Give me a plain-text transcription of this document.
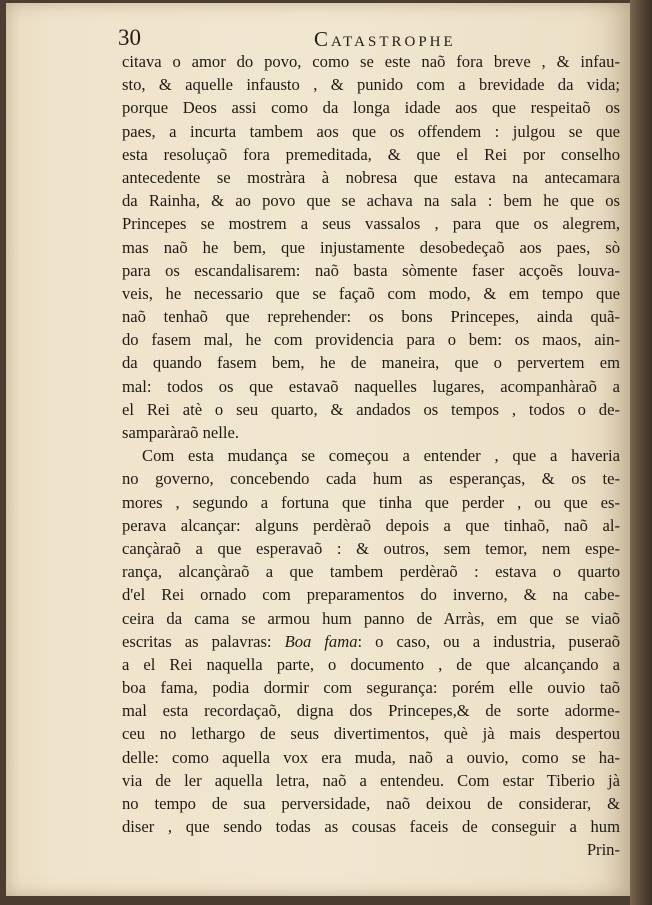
30	Catastrophe
citava o amor do povo, como se este naõ fora breve , & infau-
sto, & aquelle infausto , & punido com a brevidade da vida;
porque Deos assi como da longa idade aos que respeitaõ os
paes, a incurta tambem aos que os offendem : julgou se que
esta resoluçaõ fora premeditada, & que el Rei por conselho
antecedente se mostràra à nobresa que estava na antecamara
da Rainha, & ao povo que se achava na sala : bem he que os
Princepes se mostrem a seus vassalos , para que os alegrem,
mas naõ he bem, que injustamente desobedeçaõ aos paes, sò
para os escandalisarem: naõ basta sòmente faser acçoẽs louva-
veis, he necessario que se façaõ com modo, & em tempo que
naõ tenhaõ que reprehender: os bons Princepes, ainda quã-
do fasem mal, he com providencia para o bem: os maos, ain-
da quando fasem bem, he de maneira, que o pervertem em
mal: todos os que estavaõ naquelles lugares, acompanhàraõ a
el Rei atè o seu quarto, & andados os tempos , todos o de-
samparàraõ nelle.
Com esta mudança se começou a entender , que a haveria
no governo, concebendo cada hum as esperanças, & os te-
mores , segundo a fortuna que tinha que perder , ou que es-
perava alcançar: alguns perdèraõ depois a que tinhaõ, naõ al-
cançàraõ a que esperavaõ : & outros, sem temor, nem espe-
rança, alcançàraõ a que tambem perdèraõ : estava o quarto
d'el Rei ornado com preparamentos do inverno, & na cabe-
ceira da cama se armou hum panno de Arràs, em que se viaõ
escritas as palavras: Boa fama: o caso, ou a industria, puseraõ
a el Rei naquella parte, o documento , de que alcançando a
boa fama, podia dormir com segurança: porém elle ouvio taõ
mal esta recordaçaõ, digna dos Princepes,& de sorte adorme-
ceu no lethargo de seus divertimentos, què jà mais despertou
delle: como aquella vox era muda, naõ a ouvio, como se ha-
via de ler aquella letra, naõ a entendeu. Com estar Tiberio jà
no tempo de sua perversidade, naõ deixou de considerar, &
diser , que sendo todas as cousas faceis de conseguir a hum
Prin-
